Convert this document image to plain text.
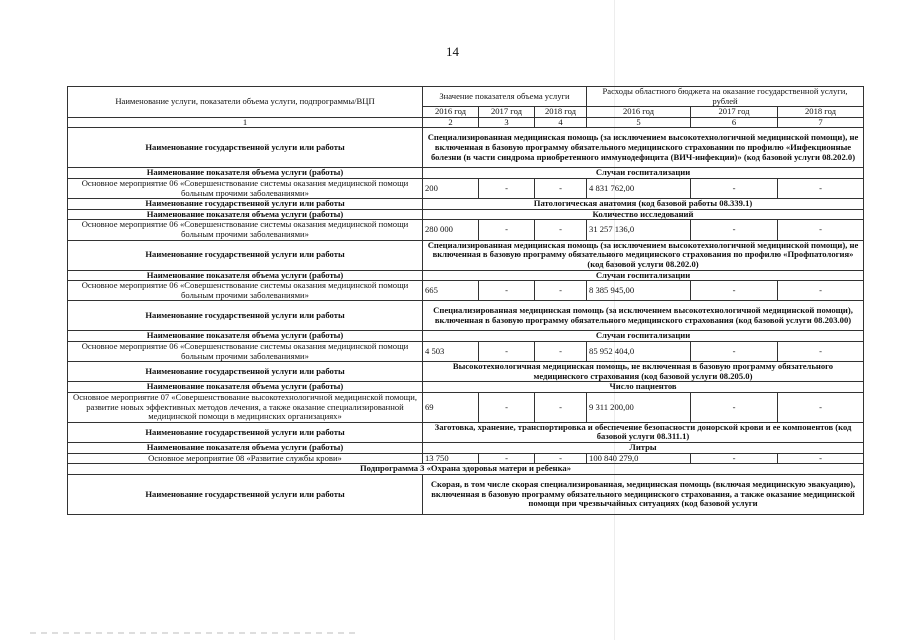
14
Наименование услуги, показатели объема услуги, подпрограммы/ВЦП	Значение показателя объема услуги			Расходы областного бюджета на оказание государственной услуги, рублей		
	2016 год	2017 год	2018 год	2016 год	2017 год	2018 год
1	2	3	4	5	6	7
Наименование государственной услуги или работы	Специализированная медицинская помощь (за исключением высокотехнологичной медицинской помощи), не включенная в базовую программу обязательного медицинского страховании по профилю «Инфекционные болезни (в части синдрома приобретенного иммунодефицита (ВИЧ-инфекции)» (код базовой услуги 08.202.0)					
Наименование показателя объема услуги (работы)	Случаи госпитализации					
Основное мероприятие 06 «Совершенствование системы оказания медицинской помощи больным прочими заболеваниями»	200	-	-	4 831 762,00	-	-
Наименование государственной услуги или работы	Патологическая анатомия (код базовой работы 08.339.1)					
Наименование показателя объема услуги (работы)	Количество исследований					
Основное мероприятие 06 «Совершенствование системы оказания медицинской помощи больным прочими заболеваниями»	280 000	-	-	31 257 136,0	-	-
Наименование государственной услуги или работы	Специализированная медицинская помощь (за исключением высокотехнологичной медицинской помощи), не включенная в базовую программу обязательного медицинского страхования по профилю «Профпатология» (код базовой услуги 08.202.0)					
Наименование показателя объема услуги (работы)	Случаи госпитализации					
Основное мероприятие 06 «Совершенствование системы оказания медицинской помощи больным прочими заболеваниями»	665	-	-	8 385 945,00	-	-
Наименование государственной услуги или работы	Специализированная медицинская помощь (за исключением высокотехнологичной медицинской помощи), включенная в базовую программу обязательного медицинского страхования (код базовой услуги 08.203.00)					
Наименование показателя объема услуги (работы)	Случаи госпитализации					
Основное мероприятие 06 «Совершенствование системы оказания медицинской помощи больным прочими заболеваниями»	4 503	-	-	85 952 404,0	-	-
Наименование государственной услуги или работы	Высокотехнологичная медицинская помощь, не включенная в базовую программу обязательного медицинского страхования (код базовой услуги 08.205.0)					
Наименование показателя объема услуги (работы)	Число пациентов					
Основное мероприятие 07 «Совершенствование высокотехнологичной медицинской помощи, развитие новых эффективных методов лечения, а также оказание специализированной медицинской помощи в медицинских организациях»	69	-	-	9 311 200,00	-	-
Наименование государственной услуги или работы	Заготовка, хранение, транспортировка и обеспечение безопасности донорской крови и ее компонентов (код базовой услуги 08.311.1)					
Наименование показателя объема услуги (работы)	Литры					
Основное мероприятие 08 «Развитие службы крови»	13 750	-	-	100 840 279,0	-	-
Подпрограмма 3 «Охрана здоровья матери и ребенка»						
Наименование государственной услуги или работы	Скорая, в том числе скорая специализированная, медицинская помощь (включая медицинскую эвакуацию), включенная в базовую программу обязательного медицинского страхования, а также оказание медицинской помощи при чрезвычайных ситуациях (код базовой услуги					
